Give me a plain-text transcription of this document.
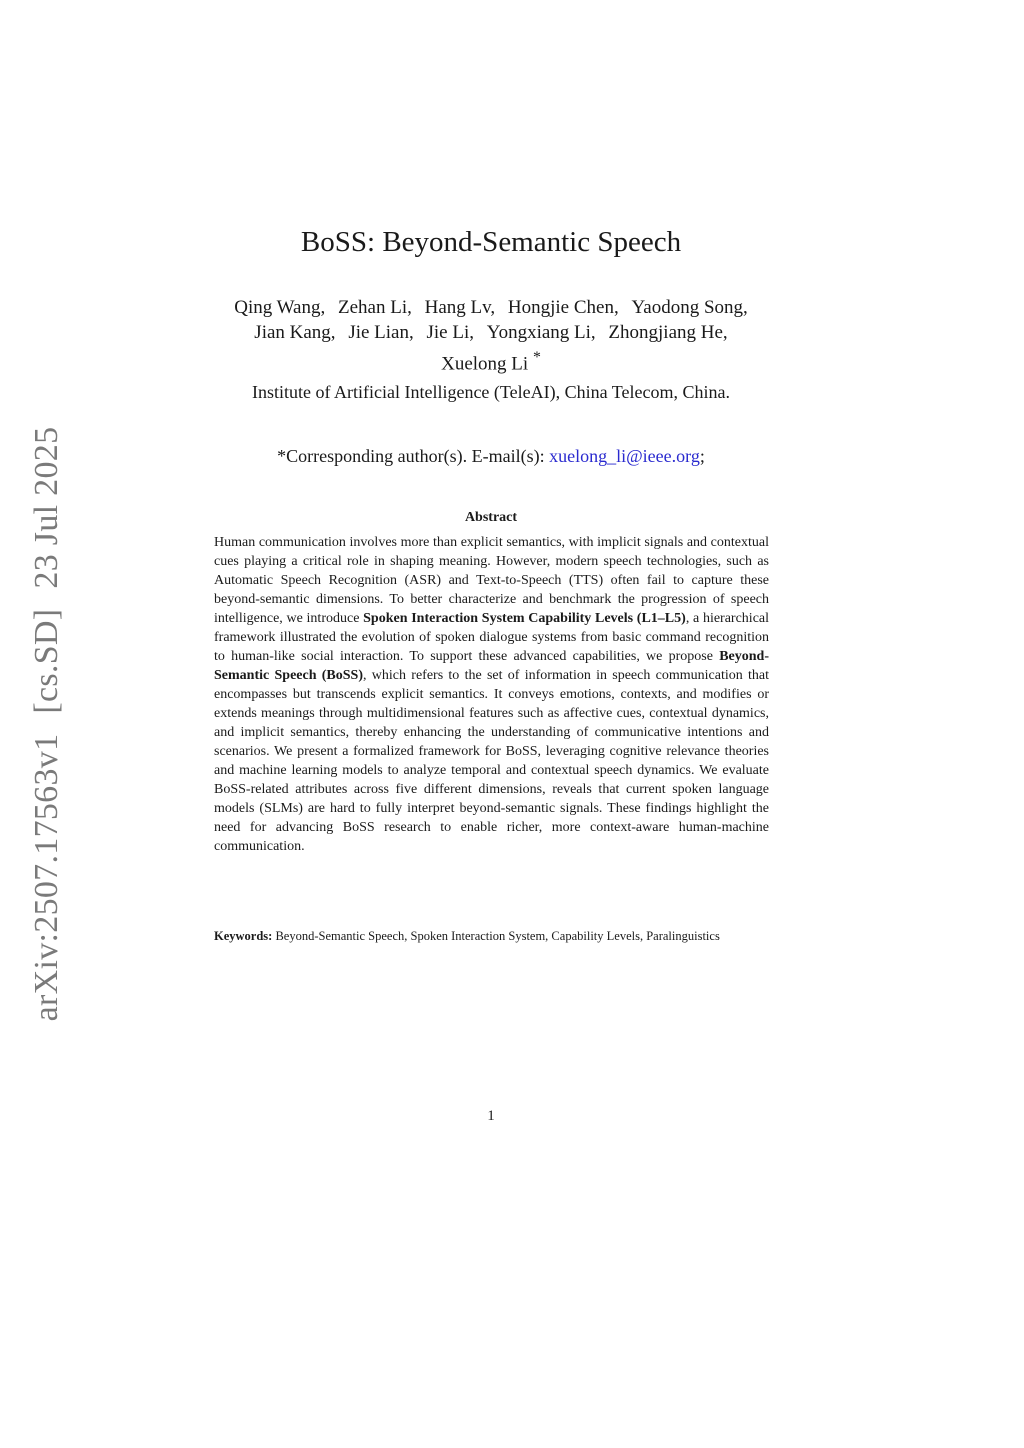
arXiv:2507.17563v1[cs.SD]23 Jul 2025
BoSS: Beyond-Semantic Speech
Qing Wang, Zehan Li, Hang Lv, Hongjie Chen, Yaodong Song,
Jian Kang, Jie Lian, Jie Li, Yongxiang Li, Zhongjiang He,
Xuelong Li *
Institute of Artificial Intelligence (TeleAI), China Telecom, China.
*Corresponding author(s). E-mail(s): xuelong_li@ieee.org;
Abstract
Human communication involves more than explicit semantics, with implicit signals and contextual cues playing a critical role in shaping meaning. However, modern speech technologies, such as Automatic Speech Recognition (ASR) and Text-to-Speech (TTS) often fail to capture these beyond-semantic dimensions. To better characterize and benchmark the progression of speech intelligence, we introduce Spoken Interaction System Capability Levels (L1–L5), a hierarchical framework illustrated the evolution of spoken dialogue systems from basic command recognition to human-like social interaction. To support these advanced capabilities, we propose Beyond-Semantic Speech (BoSS), which refers to the set of information in speech communication that encompasses but transcends explicit semantics. It conveys emotions, contexts, and modifies or extends meanings through multidimensional features such as affective cues, contextual dynamics, and implicit semantics, thereby enhancing the understanding of communicative intentions and scenarios. We present a formalized framework for BoSS, leveraging cognitive relevance theories and machine learning models to analyze temporal and contextual speech dynamics. We evaluate BoSS-related attributes across five different dimensions, reveals that current spoken language models (SLMs) are hard to fully interpret beyond-semantic signals. These findings highlight the need for advancing BoSS research to enable richer, more context-aware human-machine communication.
Keywords: Beyond-Semantic Speech, Spoken Interaction System, Capability Levels, Paralinguistics
1
